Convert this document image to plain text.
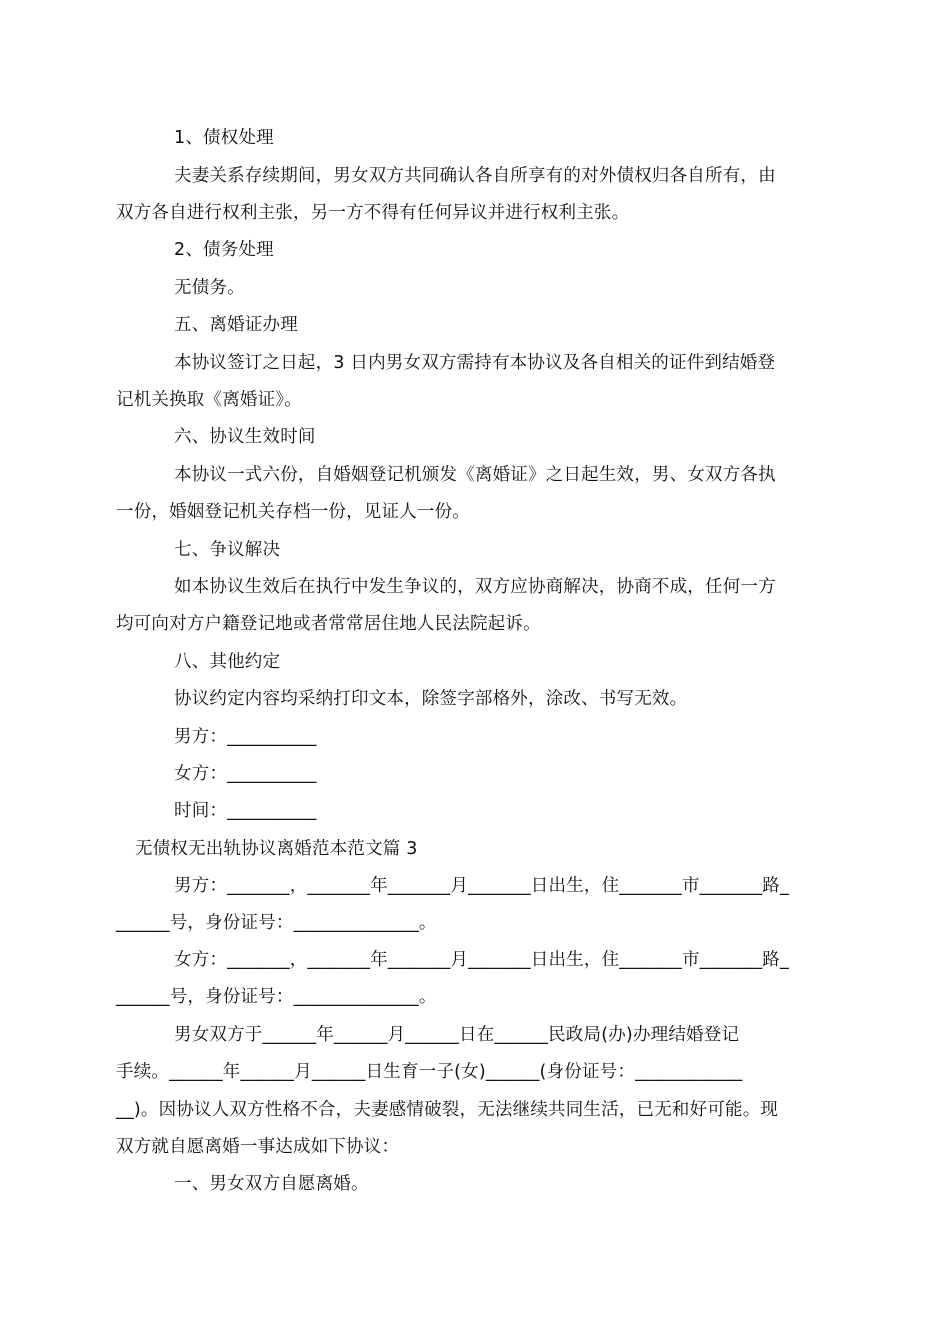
1、债权处理
夫妻关系存续期间，男女双方共同确认各自所享有的对外债权归各自所有，由
双方各自进行权利主张，另一方不得有任何异议并进行权利主张。
2、债务处理
无债务。
五、离婚证办理
本协议签订之日起，3 日内男女双方需持有本协议及各自相关的证件到结婚登
记机关换取《离婚证》。
六、协议生效时间
本协议一式六份，自婚姻登记机颁发《离婚证》之日起生效，男、女双方各执
一份，婚姻登记机关存档一份，见证人一份。
七、争议解决
如本协议生效后在执行中发生争议的，双方应协商解决，协商不成，任何一方
均可向对方户籍登记地或者常常居住地人民法院起诉。
八、其他约定
协议约定内容均采纳打印文本，除签字部格外，涂改、书写无效。
男方：__________
女方：__________
时间：__________
无债权无出轨协议离婚范本范文篇 3
男方：_______，_______年_______月_______日出生，住_______市_______路_
______号，身份证号：______________。
女方：_______，_______年_______月_______日出生，住_______市_______路_
______号，身份证号：______________。
男女双方于______年______月______日在______民政局(办)办理结婚登记
手续。______年______月______日生育一子(女)______(身份证号：____________
__)。因协议人双方性格不合，夫妻感情破裂，无法继续共同生活，已无和好可能。现
双方就自愿离婚一事达成如下协议：
一、男女双方自愿离婚。
